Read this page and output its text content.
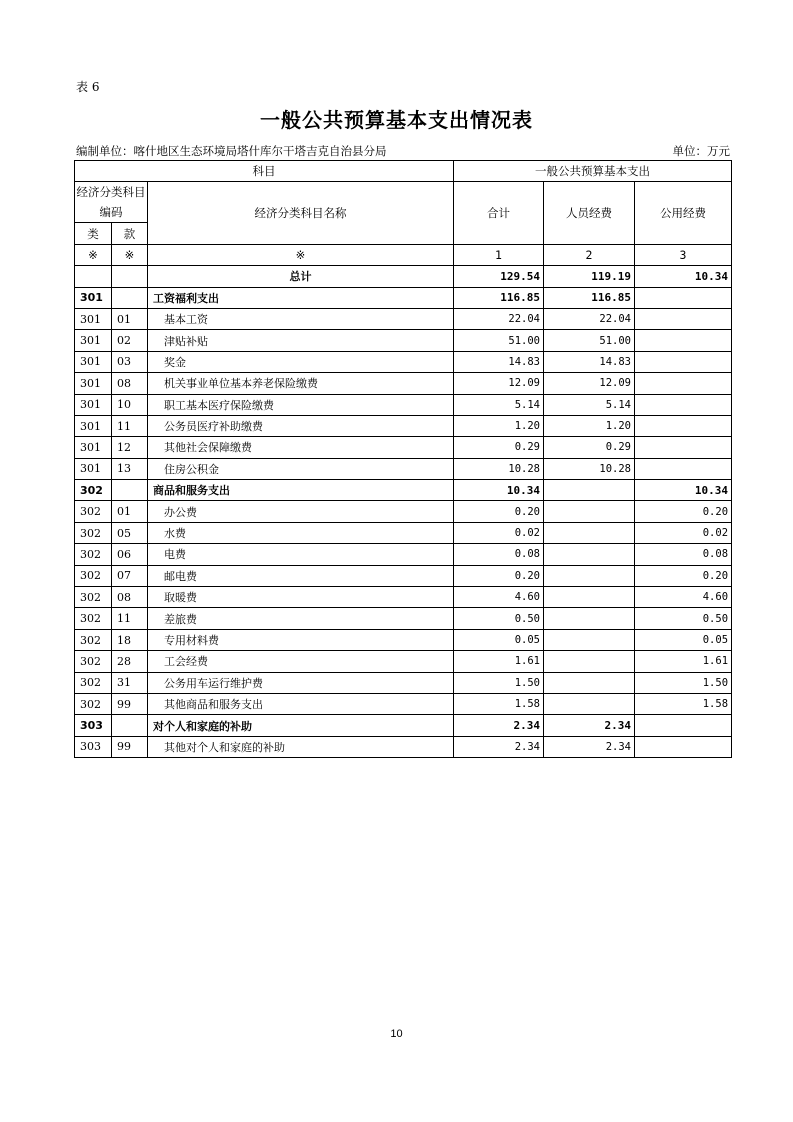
表 6
一般公共预算基本支出情况表
编制单位：喀什地区生态环境局塔什库尔干塔吉克自治县分局	单位：万元
科目			一般公共预算基本支出		
经济分类科目编码		经济分类科目名称	合计	人员经费	公用经费

类	款				
※	※	※	1	2	3
		总计	129.54	119.19	10.34
301		工资福利支出	116.85	116.85	
301	01	基本工资	22.04	22.04	
301	02	津贴补贴	51.00	51.00	
301	03	奖金	14.83	14.83	
301	08	机关事业单位基本养老保险缴费	12.09	12.09	
301	10	职工基本医疗保险缴费	5.14	5.14	
301	11	公务员医疗补助缴费	1.20	1.20	
301	12	其他社会保障缴费	0.29	0.29	
301	13	住房公积金	10.28	10.28	
302		商品和服务支出	10.34		10.34
302	01	办公费	0.20		0.20
302	05	水费	0.02		0.02
302	06	电费	0.08		0.08
302	07	邮电费	0.20		0.20
302	08	取暖费	4.60		4.60
302	11	差旅费	0.50		0.50
302	18	专用材料费	0.05		0.05
302	28	工会经费	1.61		1.61
302	31	公务用车运行维护费	1.50		1.50
302	99	其他商品和服务支出	1.58		1.58
303		对个人和家庭的补助	2.34	2.34	
303	99	其他对个人和家庭的补助	2.34	2.34	
10
